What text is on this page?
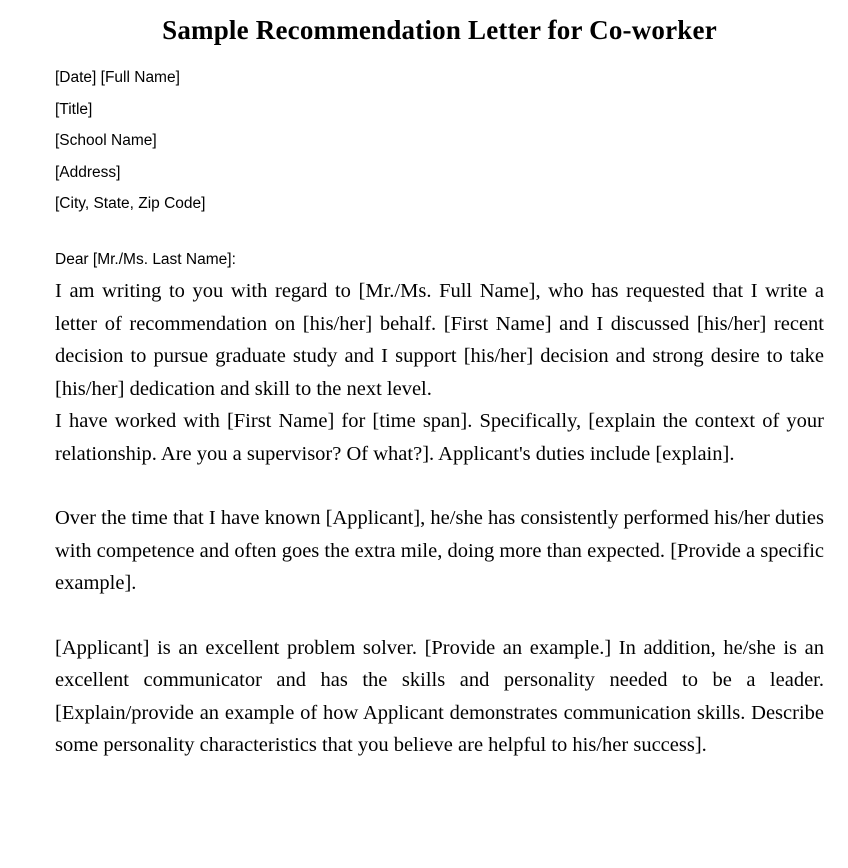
Sample Recommendation Letter for Co-worker
[Date] [Full Name]
[Title]
[School Name]
[Address]
[City, State, Zip Code]
Dear [Mr./Ms. Last Name]:

I am writing to you with regard to [Mr./Ms. Full Name], who has requested that I write a letter of recommendation on [his/her] behalf. [First Name] and I discussed [his/her] recent decision to pursue graduate study and I support [his/her] decision and strong desire to take [his/her] dedication and skill to the next level.

I have worked with [First Name] for [time span]. Specifically, [explain the context of your relationship. Are you a supervisor? Of what?]. Applicant's duties include [explain].

Over the time that I have known [Applicant], he/she has consistently performed his/her duties with competence and often goes the extra mile, doing more than expected. [Provide a specific example].

[Applicant] is an excellent problem solver. [Provide an example.] In addition, he/she is an excellent communicator and has the skills and personality needed to be a leader. [Explain/provide an example of how Applicant demonstrates communication skills. Describe some personality characteristics that you believe are helpful to his/her success].
